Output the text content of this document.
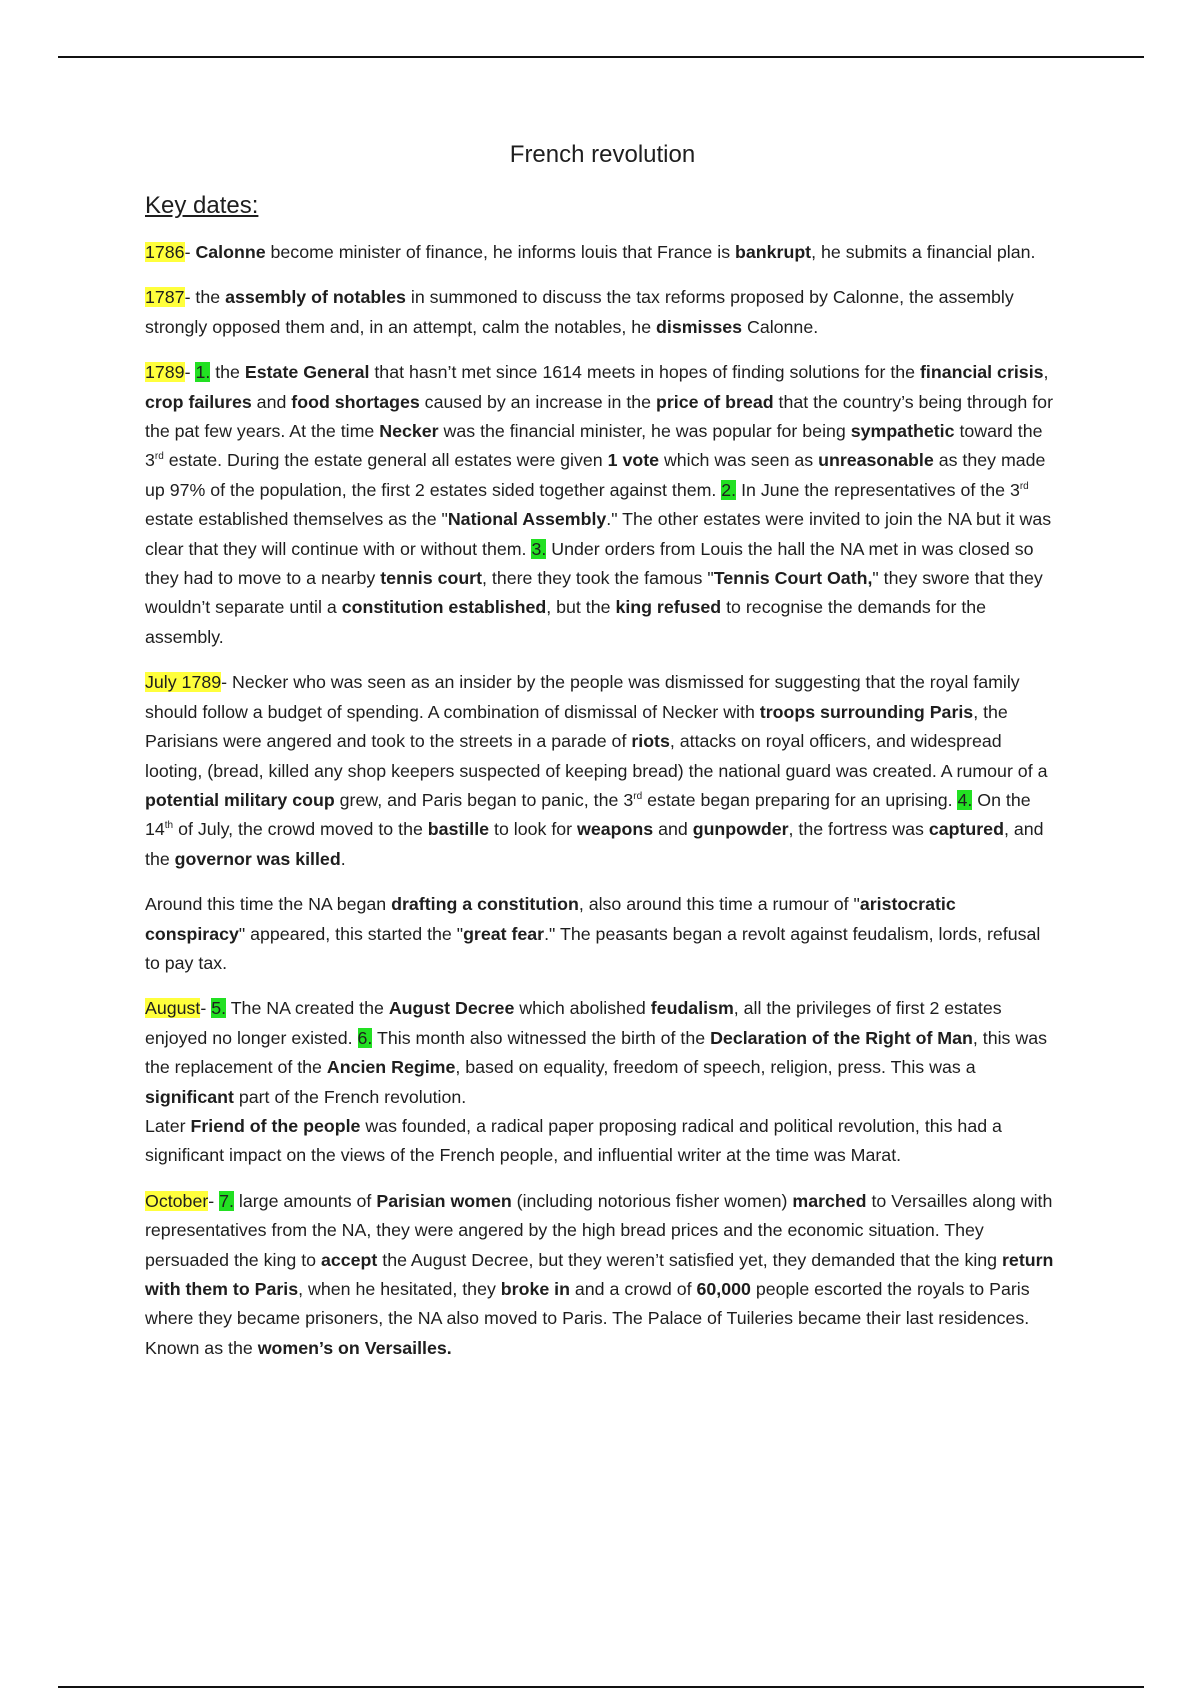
French revolution
Key dates:

1786- Calonne become minister of finance, he informs louis that France is bankrupt, he submits a financial plan.

1787- the assembly of notables in summoned to discuss the tax reforms proposed by Calonne, the assembly strongly opposed them and, in an attempt, calm the notables, he dismisses Calonne.

1789- 1. the Estate General that hasn’t met since 1614 meets in hopes of finding solutions for the financial crisis, crop failures and food shortages caused by an increase in the price of bread that the country’s being through for the pat few years. At the time Necker was the financial minister, he was popular for being sympathetic toward the 3rd estate. During the estate general all estates were given 1 vote which was seen as unreasonable as they made up 97% of the population, the first 2 estates sided together against them. 2. In June the representatives of the 3rd estate established themselves as the "National Assembly." The other estates were invited to join the NA but it was clear that they will continue with or without them. 3. Under orders from Louis the hall the NA met in was closed so they had to move to a nearby tennis court, there they took the famous "Tennis Court Oath," they swore that they wouldn’t separate until a constitution established, but the king refused to recognise the demands for the assembly.

July 1789- Necker who was seen as an insider by the people was dismissed for suggesting that the royal family should follow a budget of spending. A combination of dismissal of Necker with troops surrounding Paris, the Parisians were angered and took to the streets in a parade of riots, attacks on royal officers, and widespread looting, (bread, killed any shop keepers suspected of keeping bread) the national guard was created. A rumour of a potential military coup grew, and Paris began to panic, the 3rd estate began preparing for an uprising. 4. On the 14th of July, the crowd moved to the bastille to look for weapons and gunpowder, the fortress was captured, and the governor was killed.

Around this time the NA began drafting a constitution, also around this time a rumour of "aristocratic conspiracy" appeared, this started the "great fear." The peasants began a revolt against feudalism, lords, refusal to pay tax.

August- 5. The NA created the August Decree which abolished feudalism, all the privileges of first 2 estates enjoyed no longer existed. 6. This month also witnessed the birth of the Declaration of the Right of Man, this was the replacement of the Ancien Regime, based on equality, freedom of speech, religion, press. This was a significant part of the French revolution.

Later Friend of the people was founded, a radical paper proposing radical and political revolution, this had a significant impact on the views of the French people, and influential writer at the time was Marat.

October- 7. large amounts of Parisian women (including notorious fisher women) marched to Versailles along with representatives from the NA, they were angered by the high bread prices and the economic situation. They persuaded the king to accept the August Decree, but they weren’t satisfied yet, they demanded that the king return with them to Paris, when he hesitated, they broke in and a crowd of 60,000 people escorted the royals to Paris where they became prisoners, the NA also moved to Paris. The Palace of Tuileries became their last residences. Known as the women’s on Versailles.
